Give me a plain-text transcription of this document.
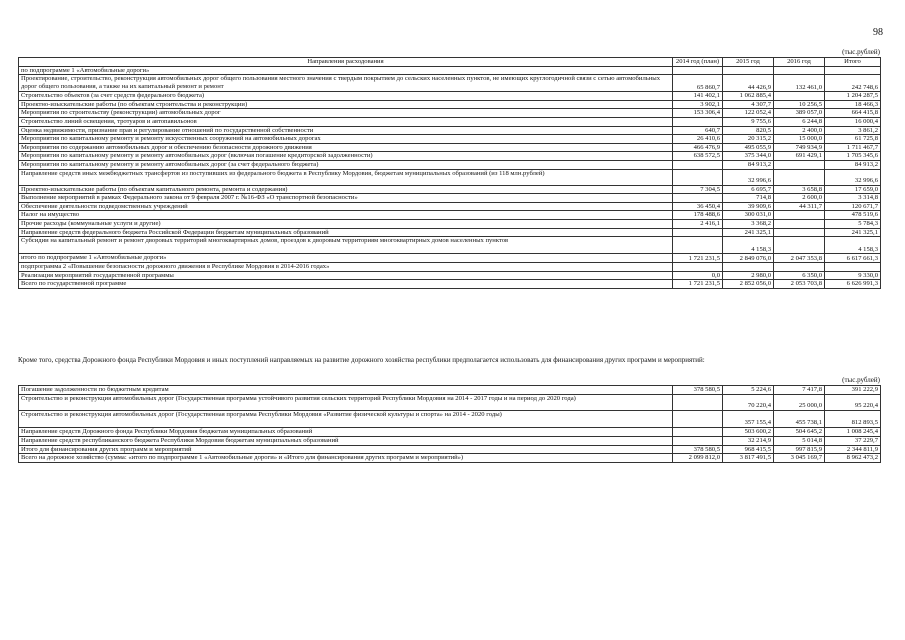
98
(тыс.рублей)
Направления расходования	2014 год (план)	2015 год	2016 год	Итого
по подпрограмме 1 «Автомобильные дороги»				
Проектирование, строительство, реконструкция автомобильных дорог общего пользования местного значения с твердым покрытием до сельских населенных пунктов, не имеющих круглогодичной связи с сетью автомобильных дорог общего пользования, а также на их капитальный ремонт и ремонт	65 860,7	44 426,9	132 461,0	242 748,6
Строительство объектов (за счет средств федерального бюджета)	141 402,1	1 062 885,4		1 204 287,5
Проектно-изыскательские работы (по объектам строительства и реконструкции)	3 902,1	4 307,7	10 256,5	18 466,3
Мероприятия по строительству (реконструкции) автомобильных дорог	153 306,4	122 052,4	389 057,0	664 415,8
Строительство линий освещения, тротуаров и автопавильонов		9 755,6	6 244,8	16 000,4
Оценка недвижимости, признание прав и регулирование отношений по государственной собственности	640,7	820,5	2 400,0	3 861,2
Мероприятия по капитальному ремонту и ремонту искусственных сооружений на автомобильных дорогах	26 410,6	20 315,2	15 000,0	61 725,8
Мероприятия по содержанию автомобильных дорог и обеспечению безопасности дорожного движения	466 476,9	495 055,9	749 934,9	1 711 467,7
Мероприятия по капитальному ремонту и ремонту автомобильных дорог (включая погашение кредиторской задолженности)	638 572,5	375 344,0	691 429,1	1 705 345,6
Мероприятия по капитальному ремонту и ремонту автомобильных дорог (за счет федерального бюджета)		84 913,2		84 913,2
Направление средств иных межбюджетных трансфертов из поступивших из федерального бюджета в Республику Мордовия, бюджетам муниципальных образований (из 118 млн.рублей)		32 996,6		32 996,6
Проектно-изыскательские работы (по объектам капитального ремонта, ремонта и содержания)	7 304,5	6 695,7	3 658,8	17 659,0
Выполнение мероприятий в рамках Федерального закона от 9 февраля 2007 г. №16-ФЗ «О транспортной безопасности»		714,8	2 600,0	3 314,8
Обеспечение деятельности подведомственных учреждений	36 450,4	39 909,6	44 311,7	120 671,7
Налог на имущество	178 488,6	300 031,0		478 519,6
Прочие расходы (коммунальные услуги и другие)	2 416,1	3 368,2		5 784,3
Направление средств федерального бюджета Российской Федерации бюджетам муниципальных образований		241 325,1		241 325,1
Субсидии на капитальный ремонт и ремонт дворовых территорий многоквартирных домов, проездов к дворовым территориям многоквартирных домов населенных пунктов		4 158,3		4 158,3
итого по подпрограмме 1 «Автомобильные дороги»	1 721 231,5	2 849 076,0	2 047 353,8	6 617 661,3
подпрограмма 2 «Повышение безопасности дорожного движения в Республике Мордовия в 2014-2016 годах»				
Реализация мероприятий государственной программы	0,0	2 980,0	6 350,0	9 330,0
Всего по государственной программе	1 721 231,5	2 852 056,0	2 053 703,8	6 626 991,3
Кроме того, средства Дорожного фонда Республики Мордовия и иных поступлений направляемых на развитие дорожного хозяйства республики предполагается использовать для финансирования других программ и мероприятий:
(тыс.рублей)
Погашение задолженности по бюджетным кредитам	378 580,5	5 224,6	7 417,8	391 222,9
Строительство и реконструкция автомобильных дорог (Государственная программа устойчивого развития сельских территорий Республики Мордовия на 2014 - 2017 годы и на период до 2020 года)		70 220,4	25 000,0	95 220,4
Строительство и реконструкция автомобильных дорог (Государственная программа Республики Мордовия «Развитие физической культуры и спорта» на 2014 - 2020 годы)		357 155,4	455 738,1	812 893,5
Направление средств Дорожного фонда Республики Мордовия бюджетам муниципальных образований		503 600,2	504 645,2	1 008 245,4
Направление средств республиканского бюджета Республики Мордовия бюджетам муниципальных образований		32 214,9	5 014,8	37 229,7
Итого для финансирования других программ и мероприятий	378 580,5	968 415,5	997 815,9	2 344 811,9
Всего на дорожное хозяйство (сумма: «итого по подпрограмме 1 «Автомобильные дороги» и «Итого для финансирования других программ и мероприятий»)	2 099 812,0	3 817 491,5	3 045 169,7	8 962 473,2
